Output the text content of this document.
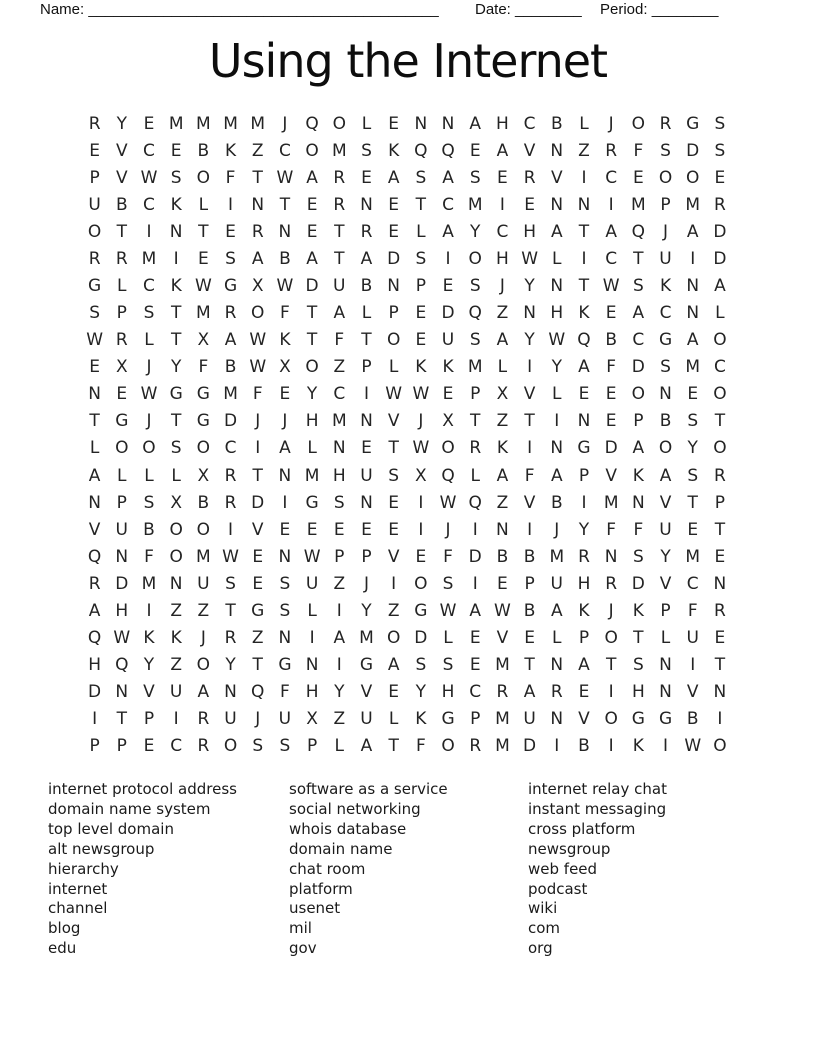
Name: __________________________________________ Date: ________ Period: ________
Using the Internet
R Y E M M M M	J	Q O L	E N N A H C B L	J	O R G S
E V C E B K Z C O M S K Q Q E A V N Z R F S D S
P V W S O F	T W A R E A S A S E R V	I	C E O O E
U B C K L	I	N T E R N E T C M	I	E N N	I	M P M R
O T	I	N T E R N E T R E	L A Y C H A T A Q	J	A D
R R M	I	E S A B A T A D S	I	O H W L	I	C T U	I	D
G L C K W G X W D U B N P E S	J	Y N T W S K N A
S P S T M R O F	T A L	P E D Q Z N H K E A C N L
W R L	T X A W K T	F	T O E U S A Y W Q B C G A O
E X	J	Y	F B W X O Z P	L K K M L	I	Y A F D S M C
N E W G G M F E Y C	I W W E P X V L	E E O N E O
T G	J	T G D	J	J	H M N V	J	X T Z T	I	N E P B S T
L O O S O C	I	A L N E T W O R K	I	N G D A O Y O
A L	L	L X R T N M H U S X Q L A F A P V K A S R
N P S X B R D	I	G S N E	I W Q Z V B	I	M N V T P
V U B O O	I	V E E E E E	I	J	I	N	I	J	Y	F	F U E T
Q N F O M W E N W P P V E F D B B M R N S Y M E
R D M N U S E S U Z	J	I	O S	I	E P U H R D V C N
A H	I	Z Z T G S	L	I	Y Z G W A W B A K	J	K P	F R
Q W K K	J	R Z N	I	A M O D L	E V E	L	P O T	L U E
H Q Y Z O Y T G N	I	G A S S E M T N A T S N	I	T
D N V U A N Q F H Y V E Y H C R A R E	I	H N V N
I	T P	I	R U	J	U X Z U L K G P M U N V O G G B	I
P P E C R O S S P	L A T	F O R M D	I	B	I	K	I W O
internet protocol address
domain name system
top level domain
alt newsgroup
hierarchy
internet
channel
blog
edu
software as a service
social networking
whois database
domain name
chat room
platform
usenet
mil
gov
internet relay chat
instant messaging
cross platform
newsgroup
web feed
podcast
wiki
com
org
